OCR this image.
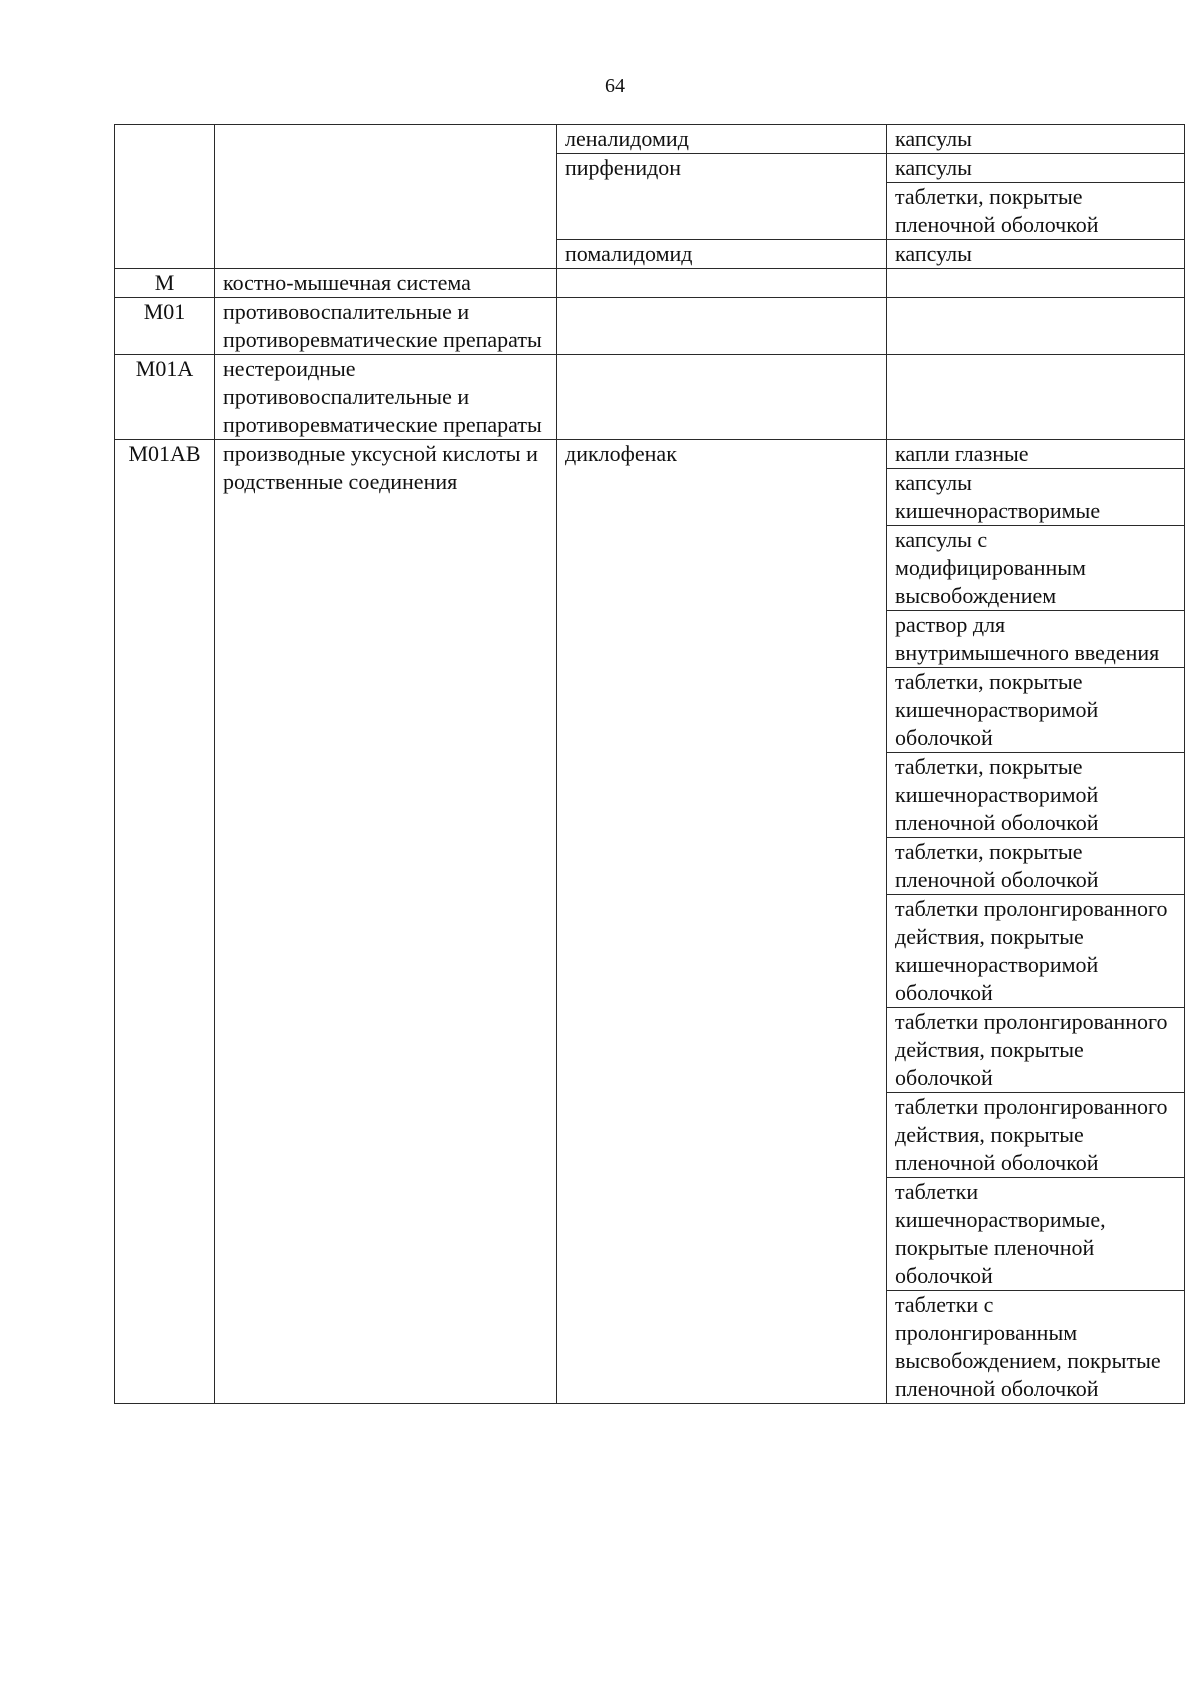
64
		леналидомид	капсулы
		пирфенидон	капсулы
			таблетки, покрытые пленочной оболочкой
		помалидомид	капсулы
M	костно-мышечная система		
M01	противовоспалительные и противоревматические препараты		
M01A	нестероидные противовоспалительные и противоревматические препараты		
M01AB	производные уксусной кислоты и родственные соединения	диклофенак	капли глазные
			капсулы кишечнорастворимые
			капсулы с модифицированным высвобождением
			раствор для внутримышечного введения
			таблетки, покрытые кишечнорастворимой оболочкой
			таблетки, покрытые кишечнорастворимой пленочной оболочкой
			таблетки, покрытые пленочной оболочкой
			таблетки пролонгированного действия, покрытые кишечнорастворимой оболочкой
			таблетки пролонгированного действия, покрытые оболочкой
			таблетки пролонгированного действия, покрытые пленочной оболочкой
			таблетки кишечнорастворимые, покрытые пленочной оболочкой
			таблетки с пролонгированным высвобождением, покрытые пленочной оболочкой
